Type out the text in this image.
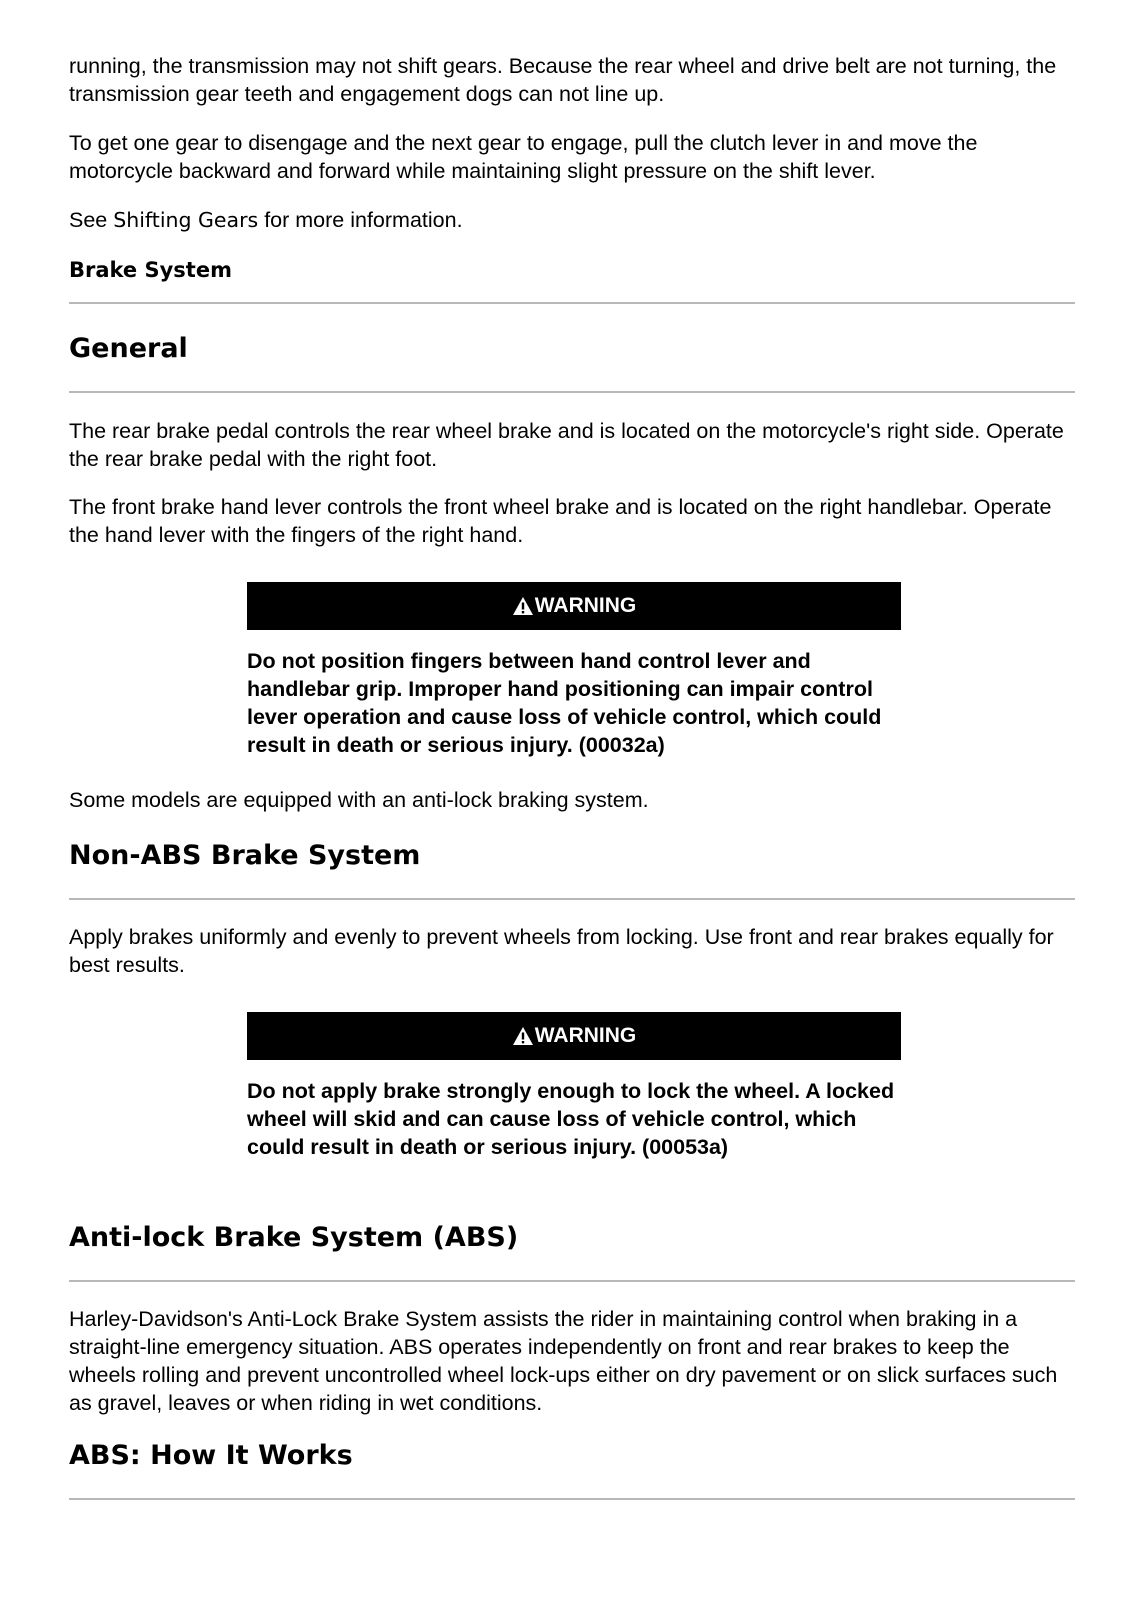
running, the transmission may not shift gears. Because the rear wheel and drive belt are not turning, the transmission gear teeth and engagement dogs can not line up.

To get one gear to disengage and the next gear to engage, pull the clutch lever in and move the motorcycle backward and forward while maintaining slight pressure on the shift lever.

See Shifting Gears for more information.

Brake System
General

The rear brake pedal controls the rear wheel brake and is located on the motorcycle's right side. Operate the rear brake pedal with the right foot.

The front brake hand lever controls the front wheel brake and is located on the right handlebar. Operate the hand lever with the fingers of the right hand.

WARNING

Do not position fingers between hand control lever and handlebar grip. Improper hand positioning can impair control lever operation and cause loss of vehicle control, which could result in death or serious injury. (00032a)

Some models are equipped with an anti-lock braking system.

Non-ABS Brake System

Apply brakes uniformly and evenly to prevent wheels from locking. Use front and rear brakes equally for best results.

WARNING

Do not apply brake strongly enough to lock the wheel. A locked wheel will skid and can cause loss of vehicle control, which could result in death or serious injury. (00053a)

Anti-lock Brake System (ABS)

Harley-Davidson's Anti-Lock Brake System assists the rider in maintaining control when braking in a straight-line emergency situation. ABS operates independently on front and rear brakes to keep the wheels rolling and prevent uncontrolled wheel lock-ups either on dry pavement or on slick surfaces such as gravel, leaves or when riding in wet conditions.

ABS: How It Works
